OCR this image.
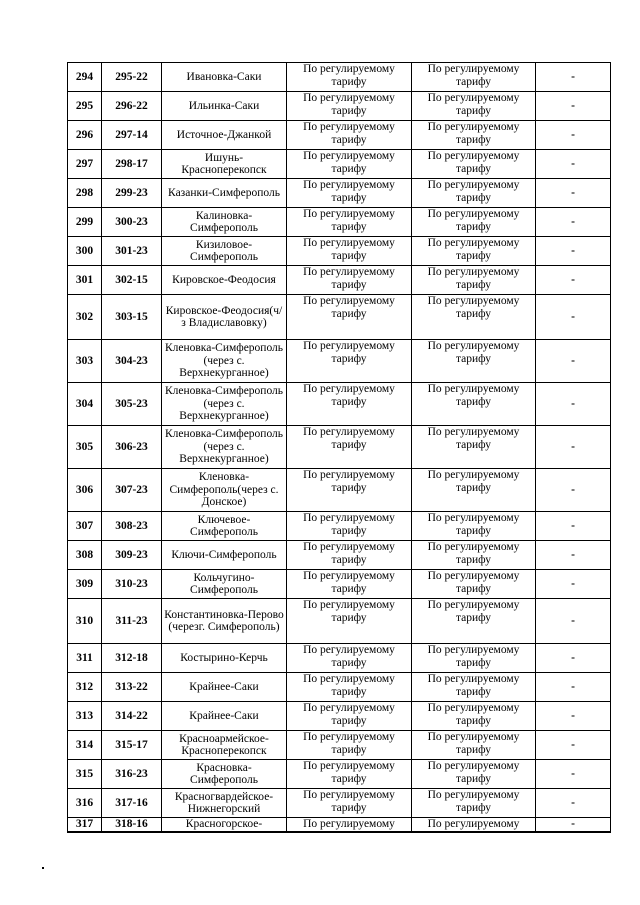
294	295-22	Ивановка-Саки	По регулируемому тарифу	По регулируемому тарифу	-
295	296-22	Ильинка-Саки	По регулируемому тарифу	По регулируемому тарифу	-
296	297-14	Источное-Джанкой	По регулируемому тарифу	По регулируемому тарифу	-
297	298-17	Ишунь-Красноперекопск	По регулируемому тарифу	По регулируемому тарифу	-
298	299-23	Казанки-Симферополь	По регулируемому тарифу	По регулируемому тарифу	-
299	300-23	Калиновка-Симферополь	По регулируемому тарифу	По регулируемому тарифу	-
300	301-23	Кизиловое-Симферополь	По регулируемому тарифу	По регулируемому тарифу	-
301	302-15	Кировское-Феодосия	По регулируемому тарифу	По регулируемому тарифу	-
302	303-15	Кировское-Феодосия(ч/з Владиславовку)	По регулируемому тарифу	По регулируемому тарифу	-
303	304-23	Кленовка-Симферополь (через с. Верхнекурганное)	По регулируемому тарифу	По регулируемому тарифу	-
304	305-23	Кленовка-Симферополь (через с. Верхнекурганное)	По регулируемому тарифу	По регулируемому тарифу	-
305	306-23	Кленовка-Симферополь (через с. Верхнекурганное)	По регулируемому тарифу	По регулируемому тарифу	-
306	307-23	Кленовка-Симферополь(через с. Донское)	По регулируемому тарифу	По регулируемому тарифу	-
307	308-23	Ключевое-Симферополь	По регулируемому тарифу	По регулируемому тарифу	-
308	309-23	Ключи-Симферополь	По регулируемому тарифу	По регулируемому тарифу	-
309	310-23	Кольчугино-Симферополь	По регулируемому тарифу	По регулируемому тарифу	-
310	311-23	Константиновка-Перово (черезг. Симферополь)	По регулируемому тарифу	По регулируемому тарифу	-
311	312-18	Костырино-Керчь	По регулируемому тарифу	По регулируемому тарифу	-
312	313-22	Крайнее-Саки	По регулируемому тарифу	По регулируемому тарифу	-
313	314-22	Крайнее-Саки	По регулируемому тарифу	По регулируемому тарифу	-
314	315-17	Красноармейское-Красноперекопск	По регулируемому тарифу	По регулируемому тарифу	-
315	316-23	Красновка-Симферополь	По регулируемому тарифу	По регулируемому тарифу	-
316	317-16	Красногвардейское-Нижнегорский	По регулируемому тарифу	По регулируемому тарифу	-
317	318-16	Красногорское-	По регулируемому	По регулируемому	-
